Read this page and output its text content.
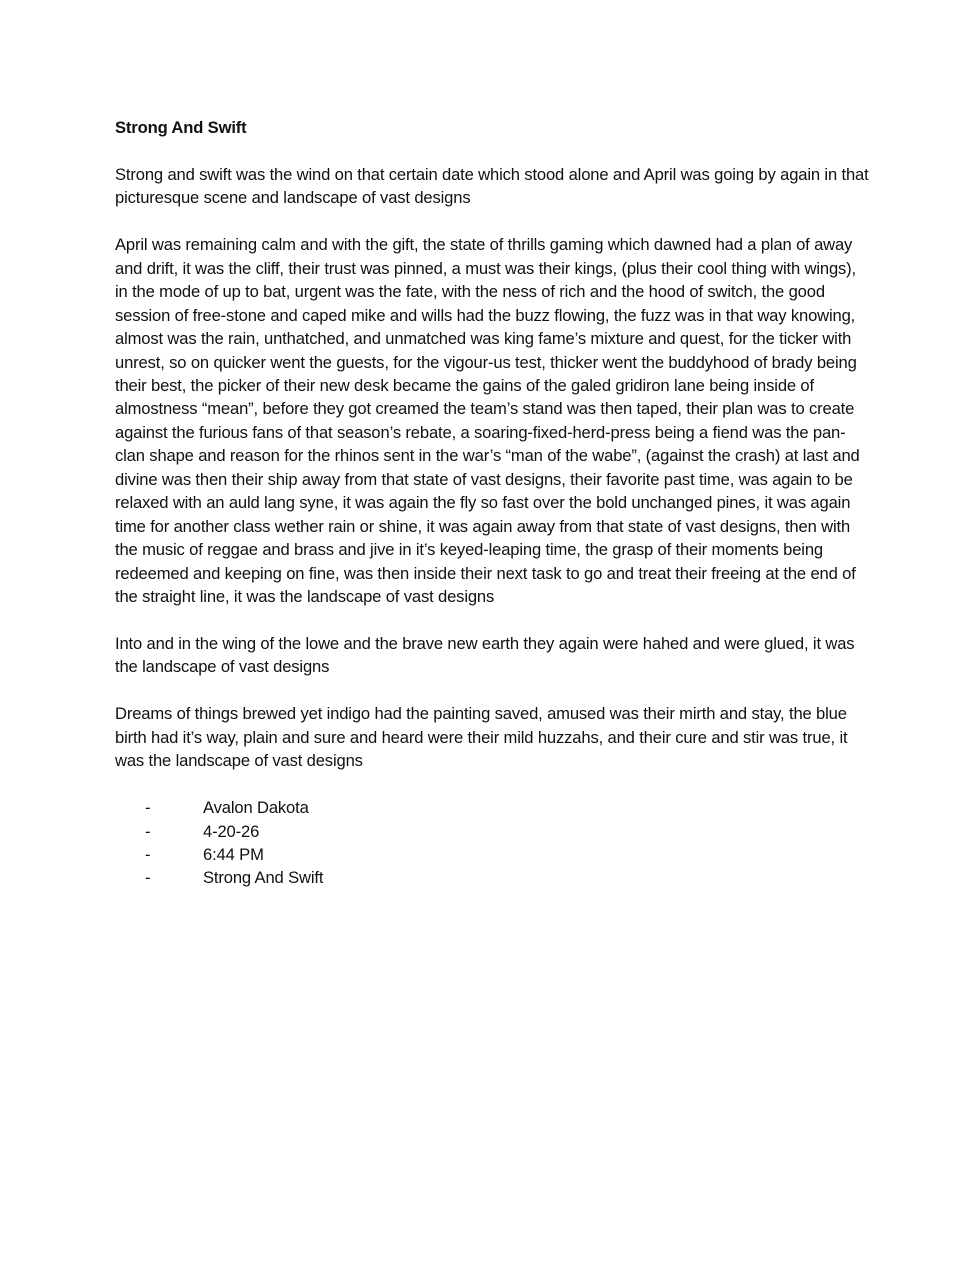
Strong And Swift

Strong and swift was the wind on that certain date which stood alone and April was going by again in that picturesque scene and landscape of vast designs

April was remaining calm and with the gift, the state of thrills gaming which dawned had a plan of away and drift, it was the cliff, their trust was pinned, a must was their kings, (plus their cool thing with wings), in the mode of up to bat, urgent was the fate, with the ness of rich and the hood of switch, the good session of free-stone and caped mike and wills had the buzz flowing, the fuzz was in that way knowing, almost was the rain, unthatched, and unmatched was king fame’s mixture and quest, for the ticker with unrest, so on quicker went the guests, for the vigour-us test, thicker went the buddyhood of brady being their best, the picker of their new desk became the gains of the galed gridiron lane being inside of almostness “mean”, before they got creamed the team’s stand was then taped, their plan was to create against the furious fans of that season’s rebate, a soaring-fixed-herd-press being a fiend was the pan-clan shape and reason for the rhinos sent in the war’s “man of the wabe”, (against the crash) at last and divine was then their ship away from that state of vast designs, their favorite past time, was again to be relaxed with an auld lang syne, it was again the fly so fast over the bold unchanged pines, it was again time for another class wether rain or shine, it was again away from that state of vast designs, then with the music of reggae and brass and jive in it’s keyed-leaping time, the grasp of their moments being redeemed and keeping on fine, was then inside their next task to go and treat their freeing at the end of the straight line, it was the landscape of vast designs

Into and in the wing of the lowe and the brave new earth they again were hahed and were glued, it was the landscape of vast designs

Dreams of things brewed yet indigo had the painting saved, amused was their mirth and stay, the blue birth had it’s way, plain and sure and heard were their mild huzzahs, and their cure and stir was true, it was the landscape of vast designs

-	Avalon Dakota
-	4-20-26
-	6:44 PM
-	Strong And Swift
